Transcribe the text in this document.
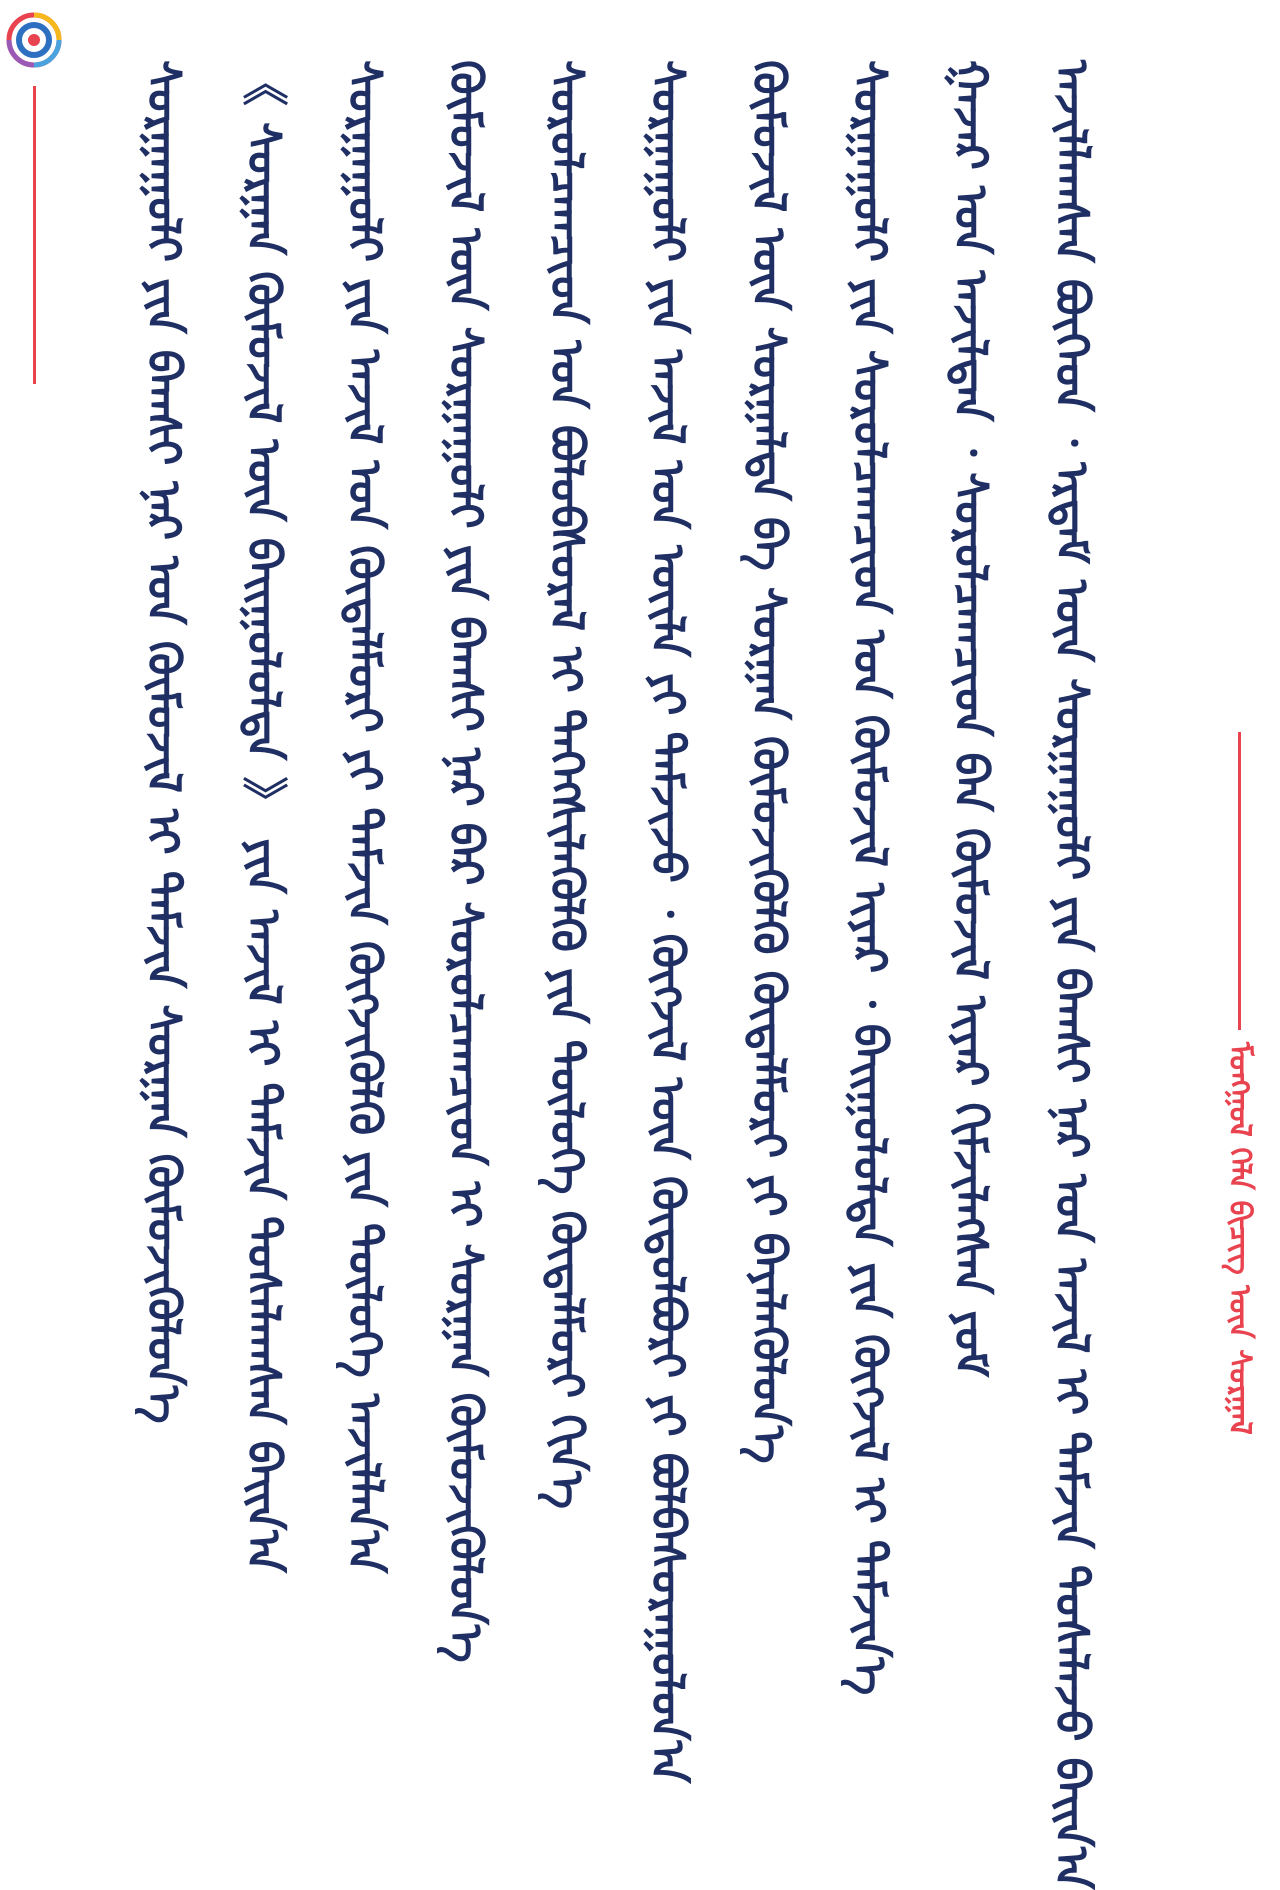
ᠮᠣᠩᠭᠣᠯ ᠬᠡᠯᠡ ᠪᠢᠴᠢᠭ᠌ ᠦᠨ ᠰᠤᠷᠭᠠᠯ
ᠠᠵᠢᠯᠯᠠᠭᠰᠠᠨ ᠪᠥᠭᠡᠳ ᠂ ᠡᠷᠳᠡᠮ ᠦᠨ ᠰᠤᠷᠭᠠᠭᠤᠯᠢ ᠶᠢᠨ ᠪᠠᠭᠰᠢ ᠨᠠᠷ ᠤᠨ ᠠᠵᠢᠯ ᠢ ᠳᠡᠮᠵᠢᠨ ᠲᠤᠰᠠᠯᠠᠵᠤ ᠪᠠᠢᠨ᠎ᠠ
ᠭᠠᠵᠠᠷ ᠤᠨ ᠠᠵᠢᠯᠲᠠᠨ ᠂ ᠰᠤᠷᠤᠯᠴᠠᠭᠴᠢᠳ ᠪᠠᠨ ᠬᠦᠮᠦᠵᠢᠯ ᠢᠶᠡᠷ ᠬᠢᠮᠵᠢᠯᠡᠭᠰᠡᠨ ᠶᠤᠮ
ᠰᠤᠷᠭᠠᠭᠤᠯᠢ ᠶᠢᠨ ᠰᠤᠷᠤᠯᠴᠠᠭᠴᠢᠳ ᠤᠨ ᠬᠦᠮᠦᠵᠢᠯ ᠢᠶᠡᠷ ᠂ ᠪᠠᠢᠭᠤᠯᠤᠯᠲᠠ ᠶᠢᠨ ᠬᠥᠭᠵᠢᠯ ᠢ ᠳᠡᠮᠵᠢᠨ᠎ᠡ
ᠬᠦᠮᠦᠵᠢᠯ ᠦᠨ ᠰᠤᠷᠭᠠᠯᠲᠠ ᠪᠠ ᠰᠤᠷᠭᠠᠨ ᠬᠥᠮᠦᠵᠢᠭᠦᠯᠬᠦ ᠬᠥᠳᠡᠯᠮᠦᠷᠢ ᠶᠢ ᠪᠡᠶᠡᠯᠡᠭᠦᠯᠦᠨ᠎ᠡ
ᠰᠤᠷᠭᠠᠭᠤᠯᠢ ᠶᠢᠨ ᠠᠵᠢᠯ ᠤᠨ ᠦᠢᠯᠡ ᠶᠢ ᠳᠡᠮᠵᠢᠵᠦ ᠂ ᠬᠥᠭᠵᠢᠯ ᠦᠨ ᠬᠥᠲᠦᠯᠪᠦᠷᠢ ᠶᠢ ᠪᠣᠯᠪᠠᠰᠤᠷᠠᠭᠤᠯᠤᠨ᠎ᠠ
ᠰᠤᠷᠤᠯᠴᠠᠭᠴᠢᠳ ᠤᠨ ᠪᠣᠯᠤᠪᠰᠤᠷᠠᠯ ᠢ ᠳᠡᠭᠡᠭᠰᠢᠯᠡᠭᠦᠯᠬᠦ ᠶᠢᠨ ᠲᠥᠯᠦᠭᠡ ᠬᠥᠳᠡᠯᠮᠦᠷᠢ ᠬᠢᠨ᠎ᠡ
ᠬᠥᠮᠦᠵᠢᠯ ᠦᠨ ᠰᠤᠷᠭᠠᠭᠤᠯᠢ ᠶᠢᠨ ᠪᠠᠭᠰᠢ ᠨᠠᠷ ᠪᠡᠷ ᠰᠤᠷᠤᠯᠴᠠᠭᠴᠢᠳ ᠢ ᠰᠤᠷᠭᠠᠨ ᠬᠥᠮᠦᠵᠢᠭᠦᠯᠦᠨ᠎ᠡ
ᠰᠤᠷᠭᠠᠭᠤᠯᠢ ᠶᠢᠨ ᠠᠵᠢᠯ ᠤᠨ ᠬᠥᠳᠡᠯᠮᠦᠷᠢ ᠶᠢ ᠳᠡᠮᠵᠢᠨ ᠬᠥᠭᠵᠢᠭᠦᠯᠬᠦ ᠶᠢᠨ ᠲᠥᠯᠦᠭᠡ ᠠᠵᠢᠯᠯᠠᠨ᠎ᠠ
《 ᠰᠤᠷᠭᠠᠨ ᠬᠥᠮᠦᠵᠢᠯ ᠦᠨ ᠪᠠᠢᠭᠤᠯᠤᠯᠲᠠ 》 ᠶᠢᠨ ᠠᠵᠢᠯ ᠢ ᠳᠡᠮᠵᠢᠨ ᠲᠤᠰᠠᠯᠠᠭᠰᠠᠨ ᠪᠠᠢᠨ᠎ᠠ
ᠰᠤᠷᠭᠠᠭᠤᠯᠢ ᠶᠢᠨ ᠪᠠᠭᠰᠢ ᠨᠠᠷ ᠤᠨ ᠬᠥᠮᠦᠵᠢᠯ ᠢ ᠳᠡᠮᠵᠢᠨ ᠰᠤᠷᠭᠠᠨ ᠬᠥᠮᠦᠵᠢᠭᠦᠯᠦᠨ᠎ᠡ
